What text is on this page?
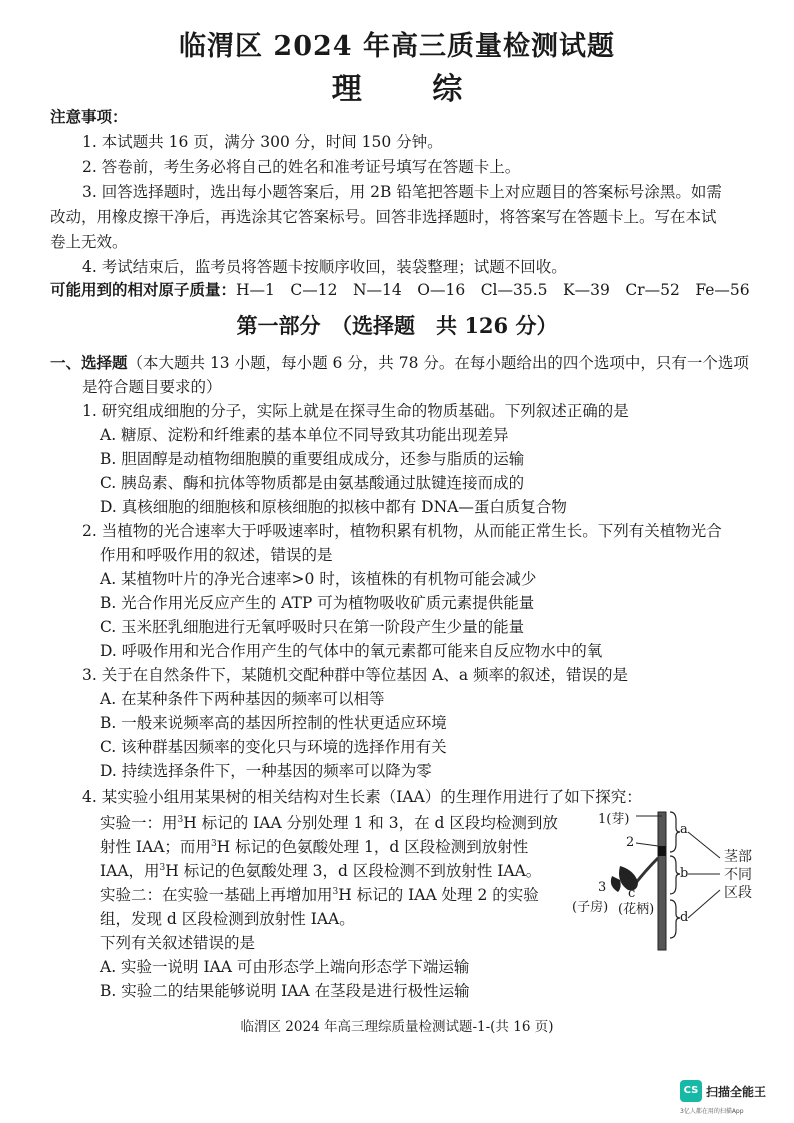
临渭区 2024 年高三质量检测试题
理 综
注意事项：
1. 本试题共 16 页，满分 300 分，时间 150 分钟。
2. 答卷前，考生务必将自己的姓名和准考证号填写在答题卡上。
3. 回答选择题时，选出每小题答案后，用 2B 铅笔把答题卡上对应题目的答案标号涂黑。如需
改动，用橡皮擦干净后，再选涂其它答案标号。回答非选择题时，将答案写在答题卡上。写在本试
卷上无效。
4. 考试结束后，监考员将答题卡按顺序收回，装袋整理；试题不回收。
可能用到的相对原子质量：H—1　C—12　N—14　O—16　Cl—35.5　K—39　Cr—52　Fe—56
第一部分　（选择题　共 126 分）
一、选择题（本大题共 13 小题，每小题 6 分，共 78 分。在每小题给出的四个选项中，只有一个选项
是符合题目要求的）
1. 研究组成细胞的分子，实际上就是在探寻生命的物质基础。下列叙述正确的是
A. 糖原、淀粉和纤维素的基本单位不同导致其功能出现差异
B. 胆固醇是动植物细胞膜的重要组成成分，还参与脂质的运输
C. 胰岛素、酶和抗体等物质都是由氨基酸通过肽键连接而成的
D. 真核细胞的细胞核和原核细胞的拟核中都有 DNA—蛋白质复合物
2. 当植物的光合速率大于呼吸速率时，植物积累有机物，从而能正常生长。下列有关植物光合
作用和呼吸作用的叙述，错误的是
A. 某植物叶片的净光合速率>0 时，该植株的有机物可能会减少
B. 光合作用光反应产生的 ATP 可为植物吸收矿质元素提供能量
C. 玉米胚乳细胞进行无氧呼吸时只在第一阶段产生少量的能量
D. 呼吸作用和光合作用产生的气体中的氧元素都可能来自反应物水中的氧
3. 关于在自然条件下，某随机交配种群中等位基因 A、a 频率的叙述，错误的是
A. 在某种条件下两种基因的频率可以相等
B. 一般来说频率高的基因所控制的性状更适应环境
C. 该种群基因频率的变化只与环境的选择作用有关
D. 持续选择条件下，一种基因的频率可以降为零
4. 某实验小组用某果树的相关结构对生长素（IAA）的生理作用进行了如下探究：
实验一：用$^3$H 标记的 IAA 分别处理 1 和 3，在 d 区段均检测到放
射性 IAA；而用$^3$H 标记的色氨酸处理 1，d 区段检测到放射性
IAA，用$^3$H 标记的色氨酸处理 3，d 区段检测不到放射性 IAA。
实验二：在实验一基础上再增加用$^3$H 标记的 IAA 处理 2 的实验
组，发现 d 区段检测到放射性 IAA。
下列有关叙述错误的是
A. 实验一说明 IAA 可由形态学上端向形态学下端运输
B. 实验二的结果能够说明 IAA 在茎段是进行极性运输
1(芽)
2
3
(子房)
c
(花柄)
a
b
d
茎部
不同
区段
临渭区 2024 年高三理综质量检测试题-1-(共 16 页)
CS 扫描全能王
3亿人都在用的扫描App
